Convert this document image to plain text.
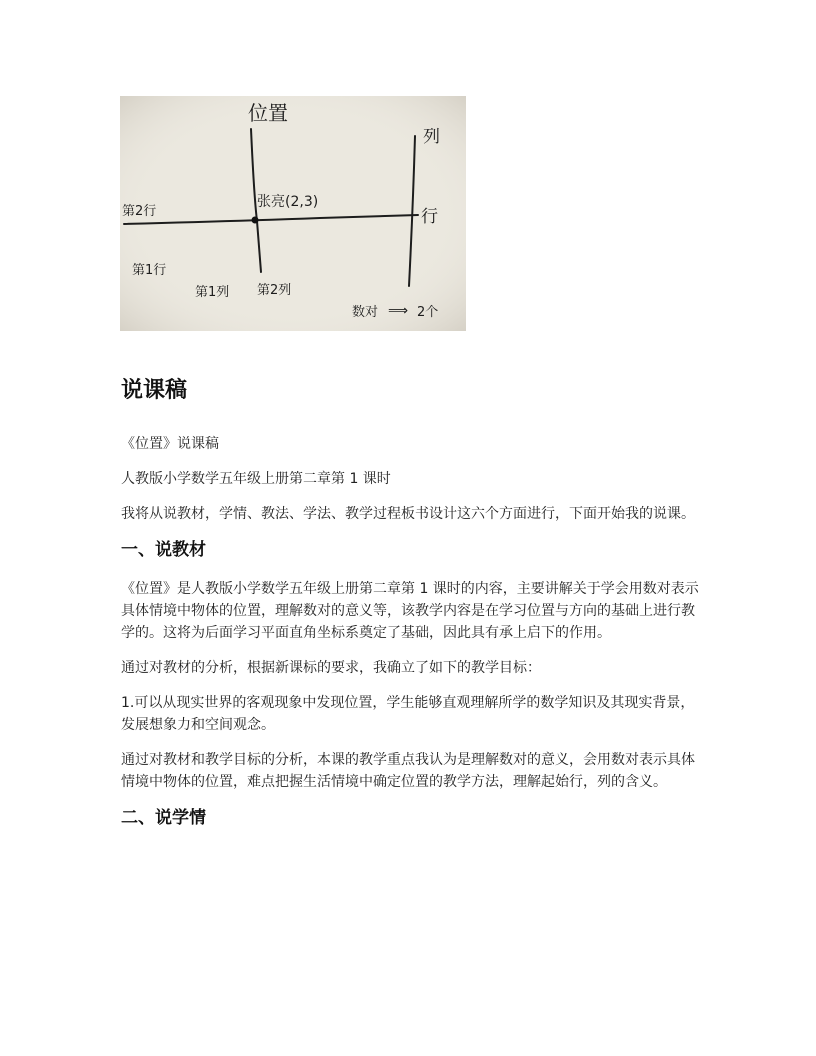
位置
列
行
第2行
张亮(2,3)
第1行
第1列 第2列
数对 ⟹ 2个
说课稿

《位置》说课稿

人教版小学数学五年级上册第二章第 1 课时

我将从说教材，学情、教法、学法、教学过程板书设计这六个方面进行，下面开始我的说课。

一、说教材

《位置》是人教版小学数学五年级上册第二章第 1 课时的内容，主要讲解关于学会用数对表示具体情境中物体的位置，理解数对的意义等，该教学内容是在学习位置与方向的基础上进行教学的。这将为后面学习平面直角坐标系奠定了基础，因此具有承上启下的作用。

通过对教材的分析，根据新课标的要求，我确立了如下的教学目标：

1.可以从现实世界的客观现象中发现位置，学生能够直观理解所学的数学知识及其现实背景，发展想象力和空间观念。

通过对教材和教学目标的分析，本课的教学重点我认为是理解数对的意义，会用数对表示具体情境中物体的位置，难点把握生活情境中确定位置的教学方法，理解起始行，列的含义。

二、说学情
